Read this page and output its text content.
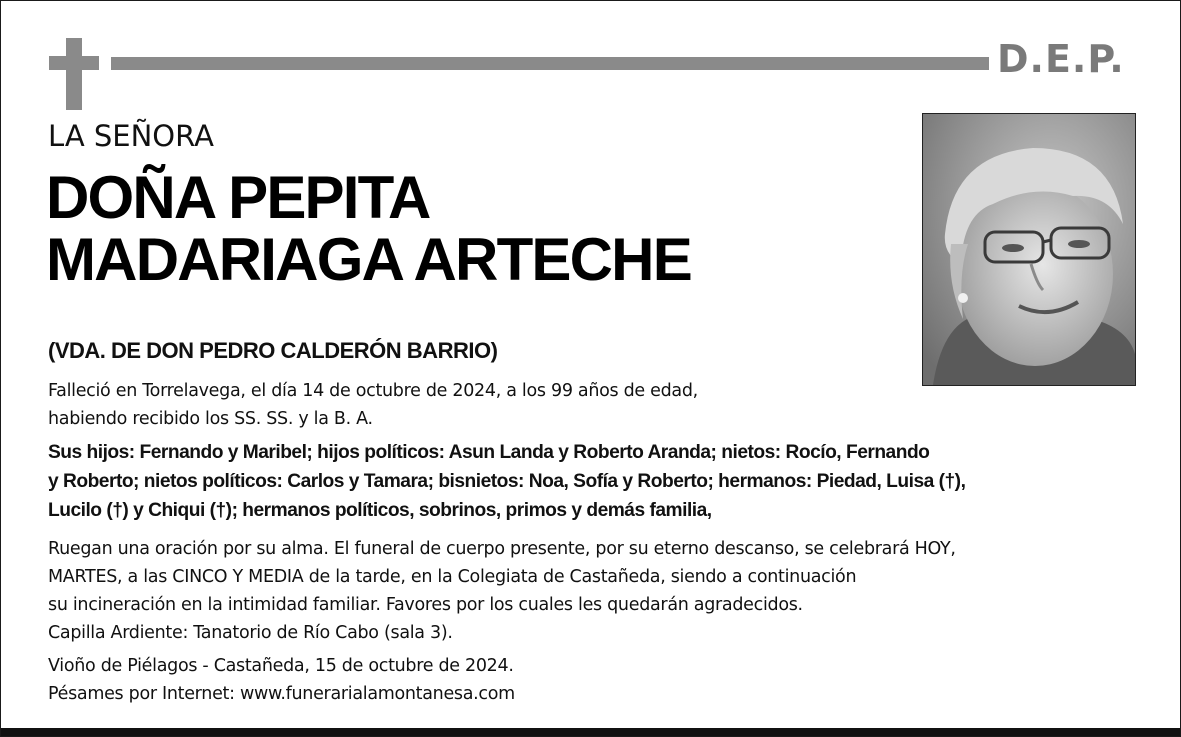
D.E.P.
LA SEÑORA
DOÑA PEPITA
MADARIAGA ARTECHE
(VDA. DE DON PEDRO CALDERÓN BARRIO)
Falleció en Torrelavega, el día 14 de octubre de 2024, a los 99 años de edad,
habiendo recibido los SS. SS. y la B. A.
Sus hijos: Fernando y Maribel; hijos políticos: Asun Landa y Roberto Aranda; nietos: Rocío, Fernando
y Roberto; nietos políticos: Carlos y Tamara; bisnietos: Noa, Sofía y Roberto; hermanos: Piedad, Luisa (†),
Lucilo (†) y Chiqui (†); hermanos políticos, sobrinos, primos y demás familia,
Ruegan una oración por su alma. El funeral de cuerpo presente, por su eterno descanso, se celebrará HOY,
MARTES, a las CINCO Y MEDIA de la tarde, en la Colegiata de Castañeda, siendo a continuación
su incineración en la intimidad familiar. Favores por los cuales les quedarán agradecidos.
Capilla Ardiente: Tanatorio de Río Cabo (sala 3).
Vioño de Piélagos - Castañeda, 15 de octubre de 2024.
Pésames por Internet: www.funerarialamontanesa.com
